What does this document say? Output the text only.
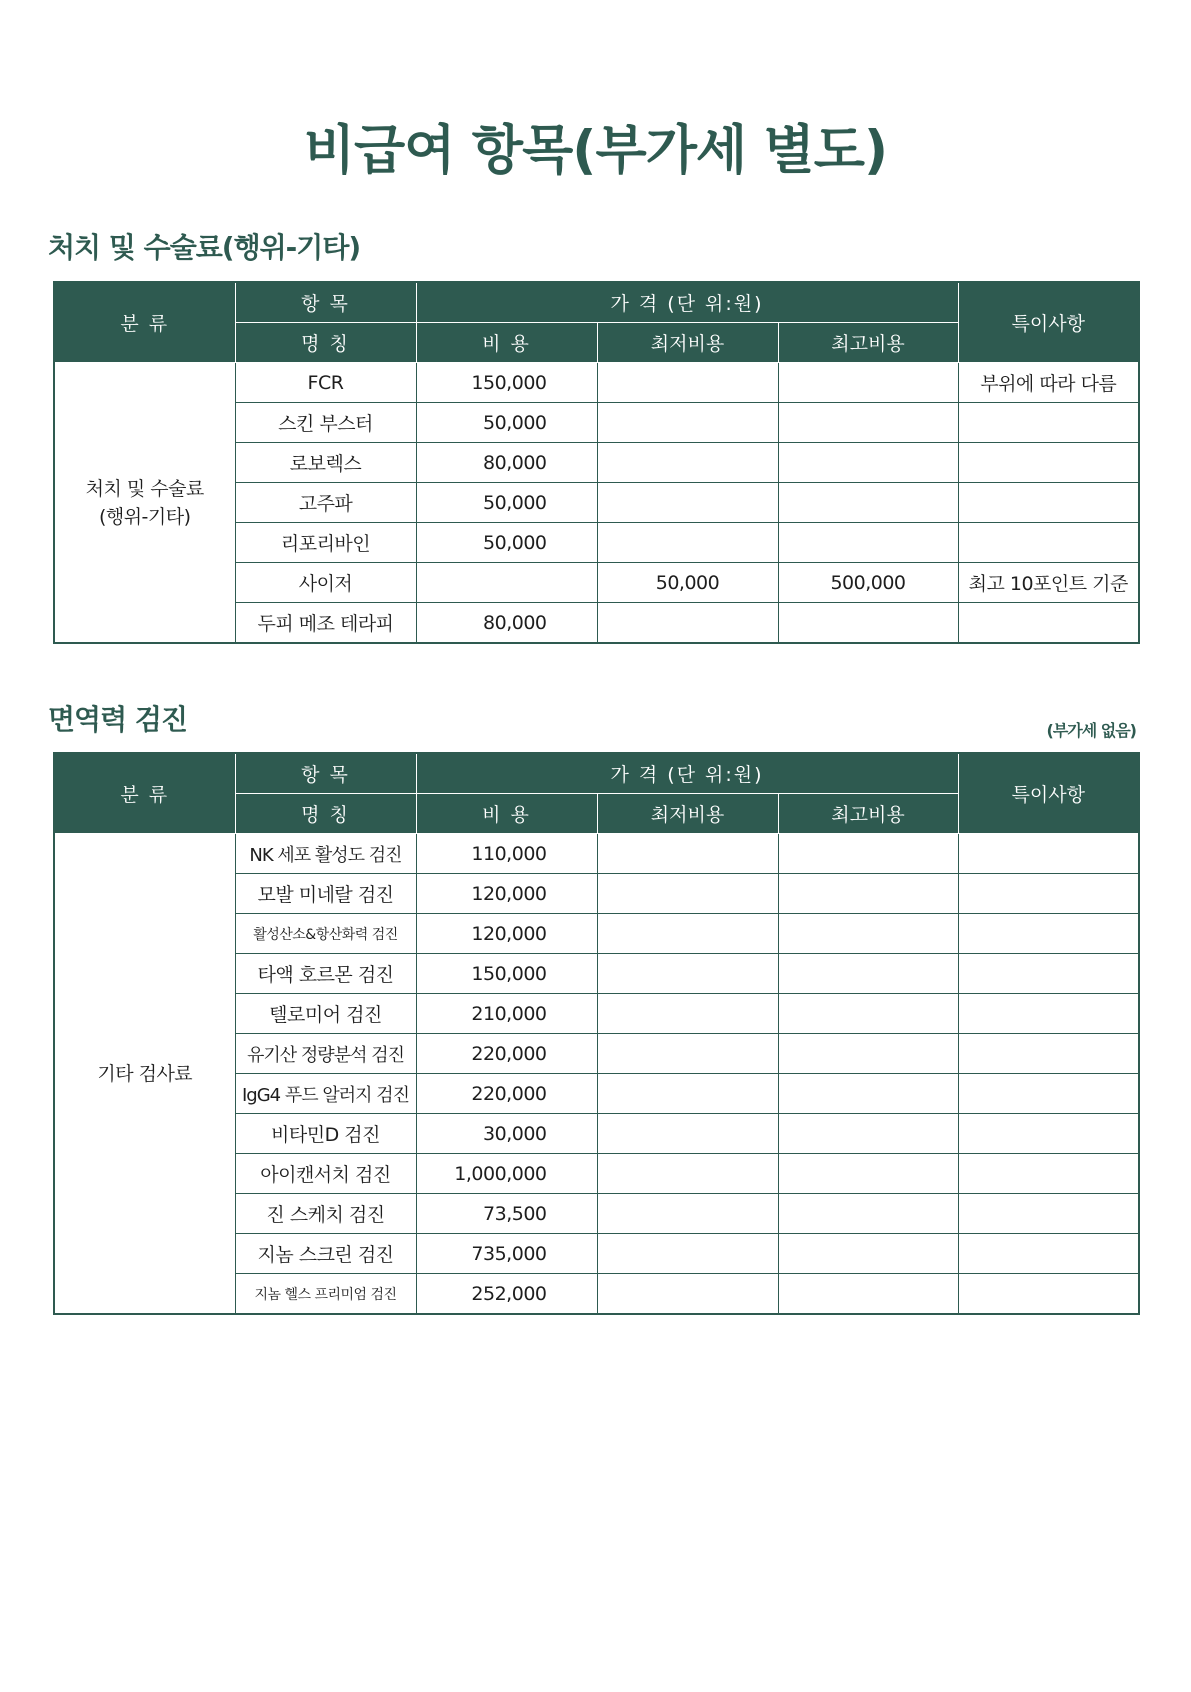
비급여 항목(부가세 별도)
처치 및 수술료(행위-기타)
분 류	항 목	가 격 (단 위:원)			특이사항
	명 칭	비 용	최저비용	최고비용	

처치 및 수술료
(행위-기타)	FCR	150,000			부위에 따라 다름
	스킨 부스터	50,000			
	로보렉스	80,000			
	고주파	50,000			
	리포리바인	50,000			
	사이저		50,000	500,000	최고 10포인트 기준
	두피 메조 테라피	80,000			
면역력 검진	(부가세 없음)
분 류	항 목	가 격 (단 위:원)			특이사항
	명 칭	비 용	최저비용	최고비용	

기타 검사료	NK 세포 활성도 검진	110,000			
	모발 미네랄 검진	120,000			
	활성산소&항산화력 검진	120,000			
	타액 호르몬 검진	150,000			
	텔로미어 검진	210,000			
	유기산 정량분석 검진	220,000			
	IgG4 푸드 알러지 검진	220,000			
	비타민D 검진	30,000			
	아이캔서치 검진	1,000,000			
	진 스케치 검진	73,500			
	지놈 스크린 검진	735,000			
	지놈 헬스 프리미엄 검진	252,000			
